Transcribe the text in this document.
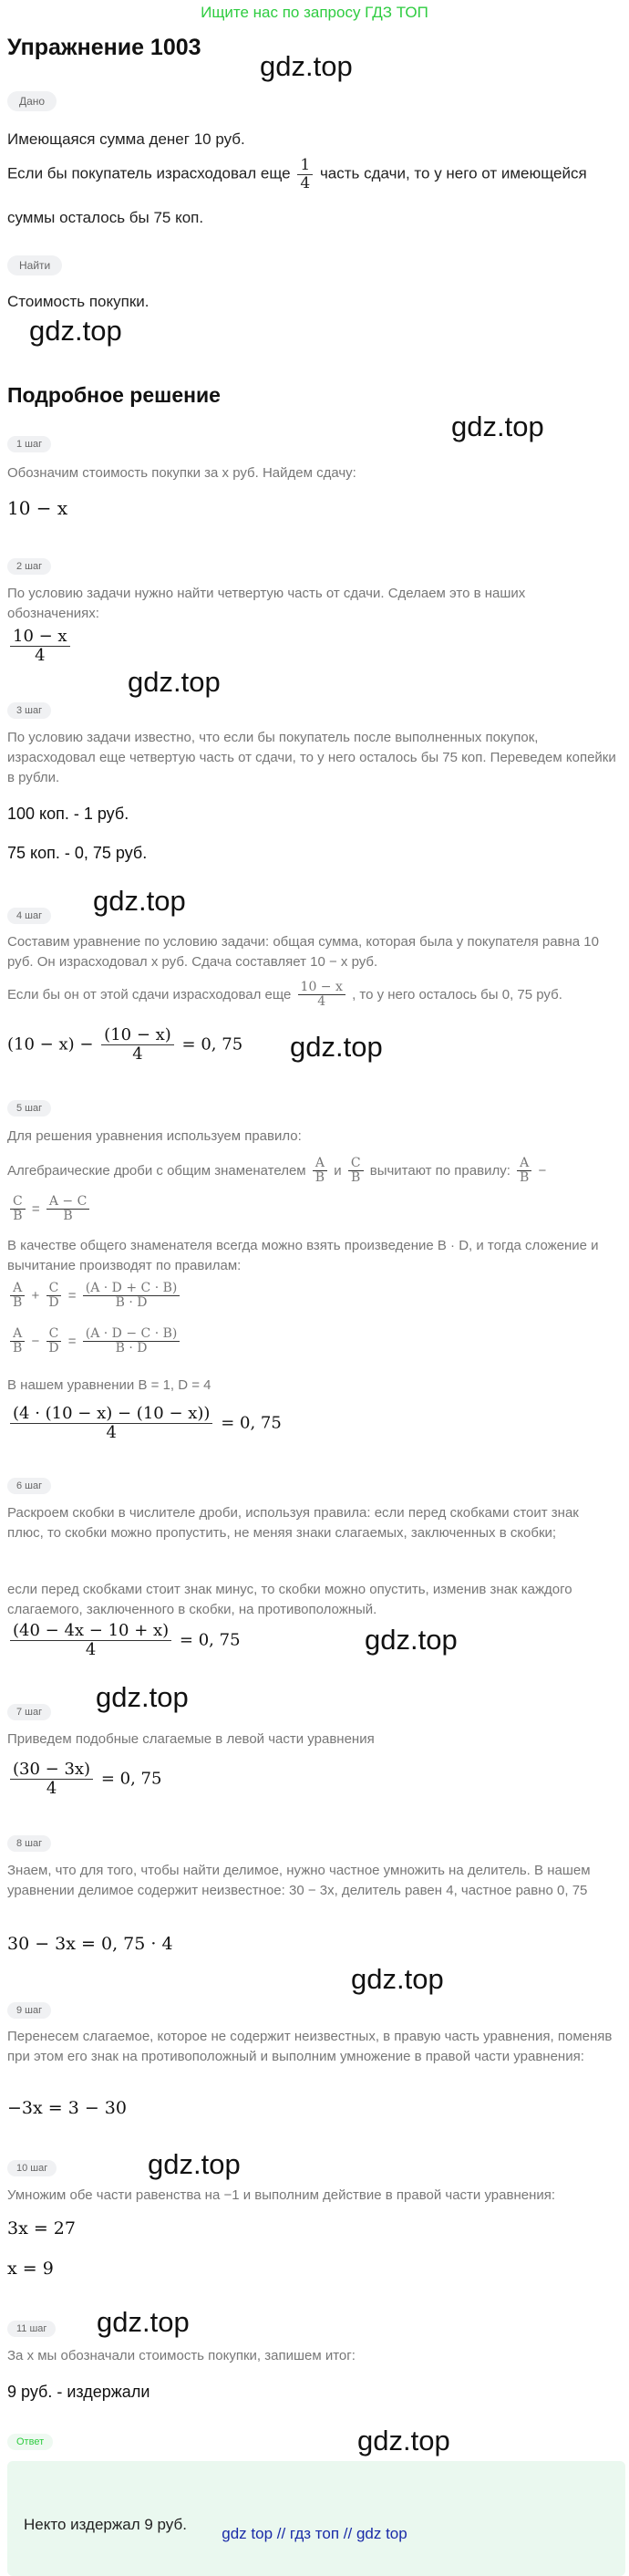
Ищите нас по запросу ГДЗ ТОП
Упражнение 1003
gdz.top
Дано
Имеющаяся сумма денег 10 руб.
Если бы покупатель израсходовал еще $\frac{1}{4}$ часть сдачи, то у него от имеющейся
суммы осталось бы 75 коп.
Найти
Стоимость покупки.
gdz.top
Подробное решение
gdz.top
1 шаг
Обозначим стоимость покупки за x руб. Найдем сдачу:
10 − x
2 шаг
По условию задачи нужно найти четвертую часть от сдачи. Сделаем это в наших обозначениях:
$\frac{10 - x}{4}$
gdz.top
3 шаг
По условию задачи известно, что если бы покупатель после выполненных покупок, израсходовал еще четвертую часть от сдачи, то у него осталось бы 75 коп. Переведем копейки в рубли.
100 коп. - 1 руб.
75 коп. - 0, 75 руб.
gdz.top
4 шаг
Составим уравнение по условию задачи: общая сумма, которая была у покупателя равна 10 руб. Он израсходовал x руб. Сдача составляет 10 − x руб.
Если бы он от этой сдачи израсходовал еще $\frac{10 - x}{4}$ , то у него осталось бы 0, 75 руб.
$(10 - x) - \frac{(10 - x)}{4} = 0$, 75 gdz.top
5 шаг
Для решения уравнения используем правило:
Алгебраические дроби с общим знаменателем $\frac{A}{B}$ и $\frac{C}{B}$ вычитают по правилу: $\frac{A}{B}$ −
$\frac{C}{B} = \frac{A - C}{B}$
В качестве общего знаменателя всегда можно взять произведение B · D, и тогда сложение и вычитание производят по правилам:
$\frac{A}{B} + \frac{C}{D} = \frac{(A \cdot D + C \cdot B)}{B \cdot D}$
$\frac{A}{B} - \frac{C}{D} = \frac{(A \cdot D - C \cdot B)}{B \cdot D}$
В нашем уравнении B = 1, D = 4
$\frac{(4 \cdot (10 - x) - (10 - x))}{4} = 0$, 75
6 шаг
Раскроем скобки в числителе дроби, используя правила: если перед скобками стоит знак плюс, то скобки можно пропустить, не меняя знаки слагаемых, заключенных в скобки;
если перед скобками стоит знак минус, то скобки можно опустить, изменив знак каждого слагаемого, заключенного в скобки, на противоположный.
$\frac{(40 - 4x - 10 + x)}{4} = 0$, 75	gdz.top
gdz.top
7 шаг
Приведем подобные слагаемые в левой части уравнения
$\frac{(30 - 3x)}{4} = 0$, 75
8 шаг
Знаем, что для того, чтобы найти делимое, нужно частное умножить на делитель. В нашем уравнении делимое содержит неизвестное: 30 − 3x, делитель равен 4, частное равно 0, 75
30 − 3x = 0, 75 · 4
gdz.top
9 шаг
Перенесем слагаемое, которое не содержит неизвестных, в правую часть уравнения, поменяв при этом его знак на противоположный и выполним умножение в правой части уравнения:
−3x = 3 − 30
gdz.top
10 шаг
Умножим обе части равенства на −1 и выполним действие в правой части уравнения:
3x = 27
x = 9
gdz.top
11 шаг
За x мы обозначали стоимость покупки, запишем итог:
9 руб. - издержали
Ответ	gdz.top
Некто издержал 9 руб.
gdz top // гдз топ // gdz top
